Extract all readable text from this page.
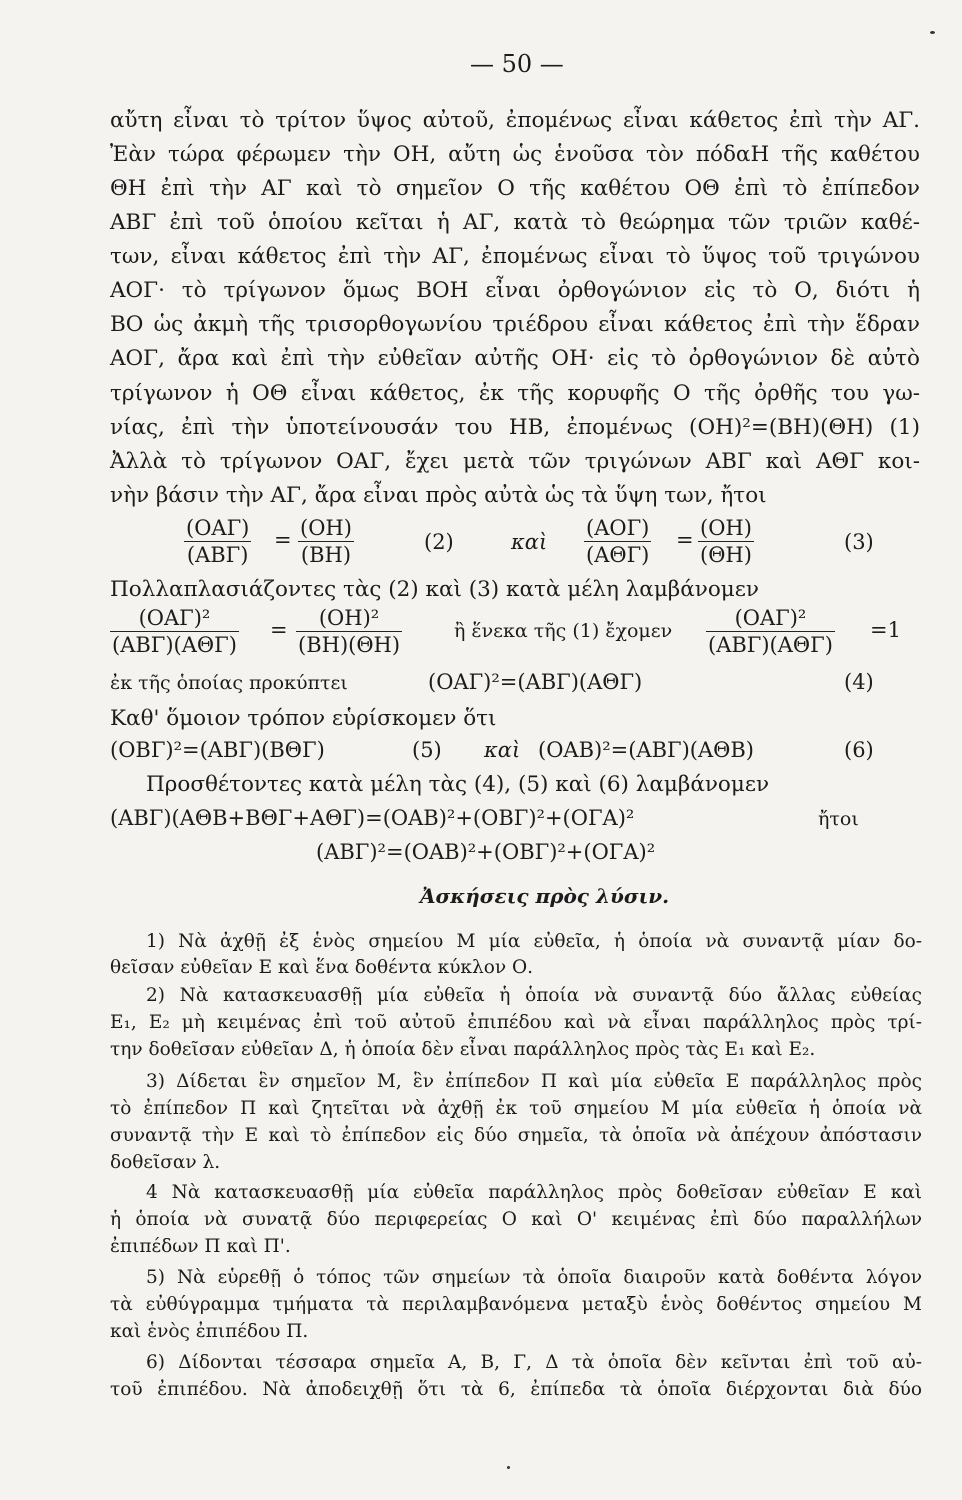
— 50 —
αὔτη εἶναι τὸ τρίτον ὕψος αὐτοῦ, ἐπομένως εἶναι κάθετος ἐπὶ τὴν ΑΓ.
Ἐὰν τώρα φέρωμεν τὴν ΟΗ, αὔτη ὡς ἑνοῦσα τὸν πόδαΗ τῆς καθέτου
ΘΗ ἐπὶ τὴν ΑΓ καὶ τὸ σημεῖον Ο τῆς καθέτου ΟΘ ἐπὶ τὸ ἐπίπεδον
ΑΒΓ ἐπὶ τοῦ ὁποίου κεῖται ἡ ΑΓ, κατὰ τὸ θεώρημα τῶν τριῶν καθέ-
των, εἶναι κάθετος ἐπὶ τὴν ΑΓ, ἐπομένως εἶναι τὸ ὕψος τοῦ τριγώνου
ΑΟΓ· τὸ τρίγωνον ὅμως ΒΟΗ εἶναι ὀρθογώνιον εἰς τὸ Ο, διότι ἡ
ΒΟ ὡς ἀκμὴ τῆς τρισορθογωνίου τριέδρου εἶναι κάθετος ἐπὶ τὴν ἕδραν
ΑΟΓ, ἄρα καὶ ἐπὶ τὴν εὐθεῖαν αὐτῆς ΟΗ· εἰς τὸ ὀρθογώνιον δὲ αὐτὸ
τρίγωνον ἡ ΟΘ εἶναι κάθετος, ἐκ τῆς κορυφῆς Ο τῆς ὀρθῆς του γω-
νίας, ἐπὶ τὴν ὑποτείνουσάν του ΗΒ, ἐπομένως (ΟΗ)²=(ΒΗ)(ΘΗ) (1)
Ἀλλὰ τὸ τρίγωνον ΟΑΓ, ἔχει μετὰ τῶν τριγώνων ΑΒΓ καὶ ΑΘΓ κοι-
νὴν βάσιν τὴν ΑΓ, ἄρα εἶναι πρὸς αὐτὰ ὡς τὰ ὕψη των, ἤτοι
(ΟΑΓ)
(ΑΒΓ)
= (ΟΗ)
(ΒΗ)
(2)	καὶ
(ΑΟΓ)
(ΑΘΓ)
= (ΟΗ)
(ΘΗ)
(3)
Πολλαπλασιάζοντες τὰς (2) καὶ (3) κατὰ μέλη λαμβάνομεν
(ΟΑΓ)²
(ΑΒΓ)(ΑΘΓ)
=	(ΟΗ)²
(ΒΗ)(ΘΗ)
ἢ ἕνεκα τῆς (1) ἔχομεν
(ΟΑΓ)²
(ΑΒΓ)(ΑΘΓ)
=1
ἐκ τῆς ὁποίας προκύπτει	(ΟΑΓ)²=(ΑΒΓ)(ΑΘΓ)	(4)
Καθ' ὅμοιον τρόπον εὑρίσκομεν ὅτι
(ΟΒΓ)²=(ΑΒΓ)(ΒΘΓ)	(5) καὶ (ΟΑΒ)²=(ΑΒΓ)(ΑΘΒ)	(6)
Προσθέτοντες κατὰ μέλη τὰς (4), (5) καὶ (6) λαμβάνομεν
(ΑΒΓ)(ΑΘΒ+ΒΘΓ+ΑΘΓ)=(ΟΑΒ)²+(ΟΒΓ)²+(ΟΓΑ)²	ἤτοι
(ΑΒΓ)²=(ΟΑΒ)²+(ΟΒΓ)²+(ΟΓΑ)²
Ἀσκήσεις πρὸς λύσιν.
1) Νὰ ἀχθῇ ἐξ ἑνὸς σημείου Μ μία εὐθεῖα, ἡ ὁποία νὰ συναντᾷ μίαν δο-
θεῖσαν εὐθεῖαν Ε καὶ ἕνα δοθέντα κύκλον Ο.
2) Νὰ κατασκευασθῇ μία εὐθεῖα ἡ ὁποία νὰ συναντᾷ δύο ἄλλας εὐθείας
Ε₁, Ε₂ μὴ κειμένας ἐπὶ τοῦ αὐτοῦ ἐπιπέδου καὶ νὰ εἶναι παράλληλος πρὸς τρί-
την δοθεῖσαν εὐθεῖαν Δ, ἡ ὁποία δὲν εἶναι παράλληλος πρὸς τὰς Ε₁ καὶ Ε₂.
3) Δίδεται ἓν σημεῖον Μ, ἓν ἐπίπεδον Π καὶ μία εὐθεῖα Ε παράλληλος πρὸς
τὸ ἐπίπεδον Π καὶ ζητεῖται νὰ ἀχθῇ ἐκ τοῦ σημείου Μ μία εὐθεῖα ἡ ὁποία νὰ
συναντᾷ τὴν Ε καὶ τὸ ἐπίπεδον εἰς δύο σημεῖα, τὰ ὁποῖα νὰ ἀπέχουν ἀπόστασιν
δοθεῖσαν λ.
4 Νὰ κατασκευασθῇ μία εὐθεῖα παράλληλος πρὸς δοθεῖσαν εὐθεῖαν Ε καὶ
ἡ ὁποία νὰ συνατᾷ δύο περιφερείας Ο καὶ Ο' κειμένας ἐπὶ δύο παραλλήλων
ἐπιπέδων Π καὶ Π'.
5) Νὰ εὑρεθῇ ὁ τόπος τῶν σημείων τὰ ὁποῖα διαιροῦν κατὰ δοθέντα λόγον
τὰ εὐθύγραμμα τμήματα τὰ περιλαμβανόμενα μεταξὺ ἑνὸς δοθέντος σημείου Μ
καὶ ἑνὸς ἐπιπέδου Π.
6) Δίδονται τέσσαρα σημεῖα Α, Β, Γ, Δ τὰ ὁποῖα δὲν κεῖνται ἐπὶ τοῦ αὐ-
τοῦ ἐπιπέδου. Νὰ ἀποδειχθῇ ὅτι τὰ 6, ἐπίπεδα τὰ ὁποῖα διέρχονται διὰ δύο
